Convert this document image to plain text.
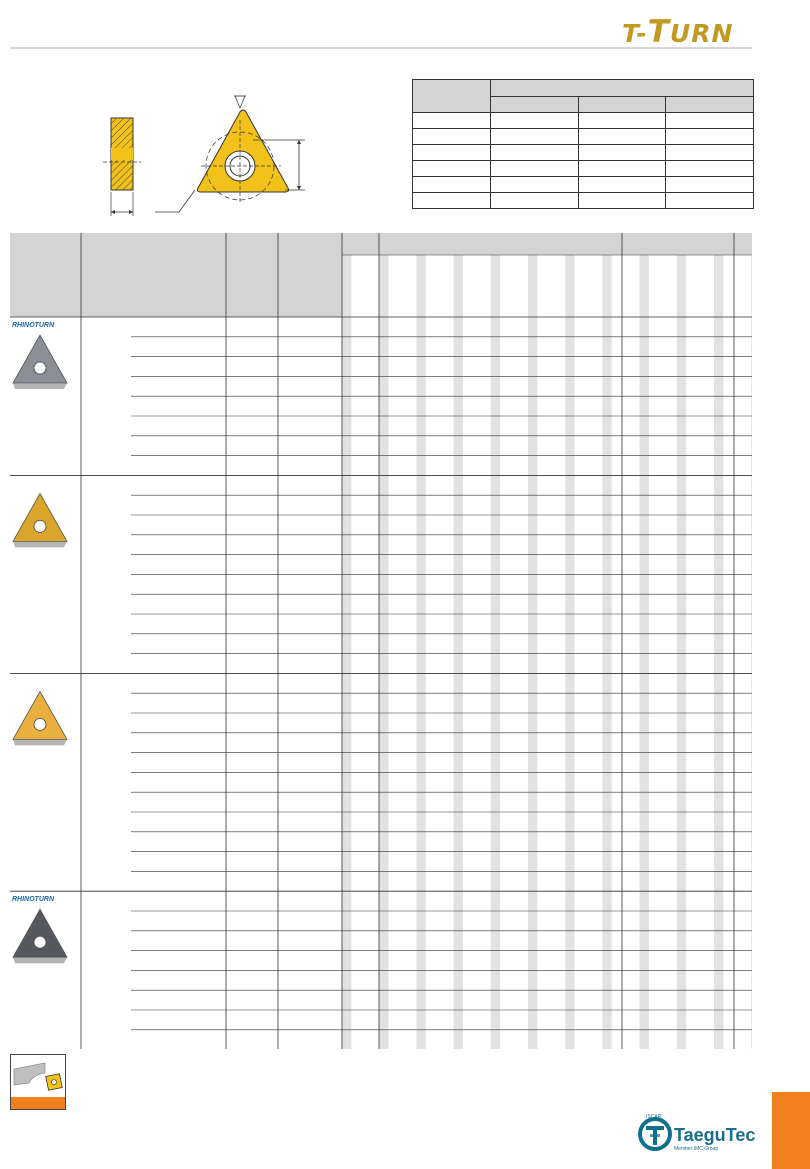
T-TURN

RHINOTURN
RHINOTURN
TaeguTec
ISCAR
Member IMC Group
